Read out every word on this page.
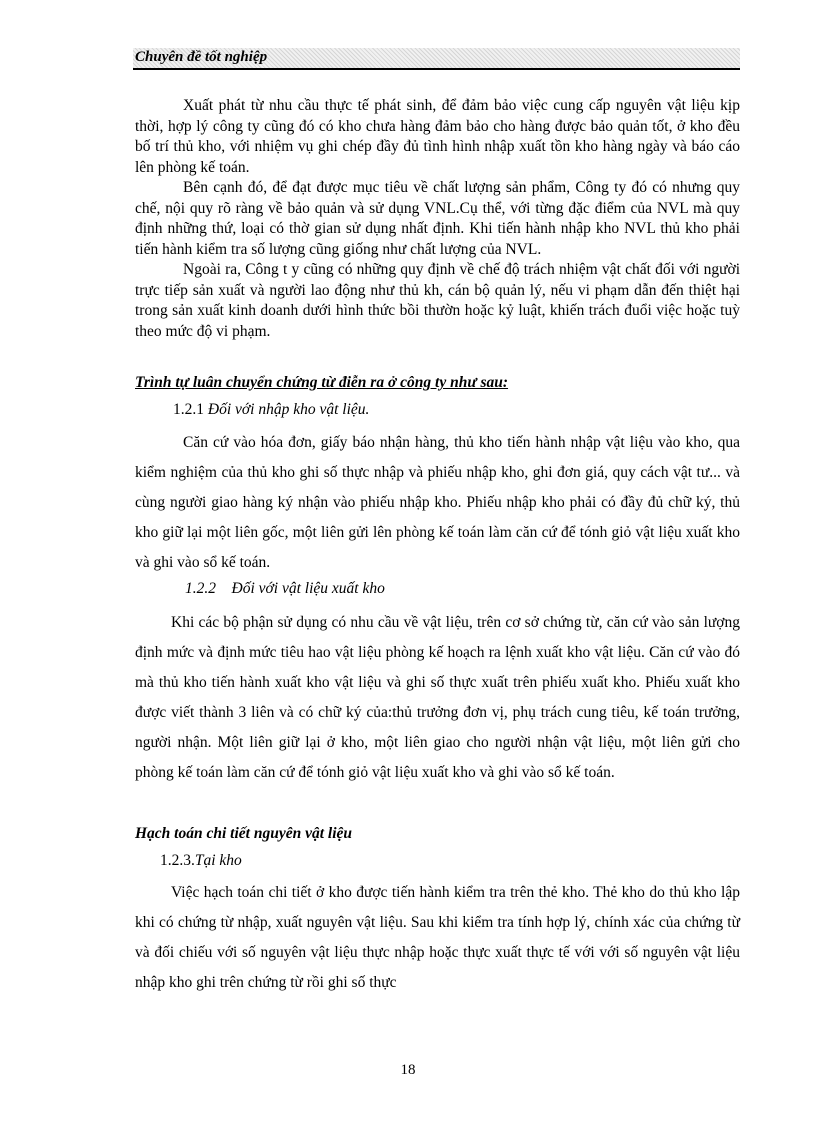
Chuyên đề tốt nghiệp

Xuất phát từ nhu cầu thực tế phát sinh, để đảm bảo việc cung cấp nguyên vật liệu kịp thời, hợp lý công ty cũng đó có kho chưa hàng đảm bảo cho hàng được bảo quản tốt, ở kho đều bố trí thủ kho, với nhiệm vụ ghi chép đầy đủ tình hình nhập xuất tồn kho hàng ngày và báo cáo lên phòng kế toán.

Bên cạnh đó, để đạt được mục tiêu về chất lượng sản phẩm, Công ty đó có nhưng quy chế, nội quy rõ ràng về bảo quản và sử dụng VNL.Cụ thể, với từng đặc điểm của NVL mà quy định những thứ, loại có thờ gian sử dụng nhất định. Khi tiến hành nhập kho NVL thủ kho phải tiến hành kiểm tra số lượng cũng giống như chất lượng của NVL.

Ngoài ra, Công t y cũng có những quy định về chế độ trách nhiệm vật chất đối với người trực tiếp sản xuất và người lao động như thủ kh, cán bộ quản lý, nếu vi phạm dẫn đến thiệt hại trong sản xuất kinh doanh dưới hình thức bồi thườn hoặc kỷ luật, khiến trách đuổi việc hoặc tuỳ theo mức độ vi phạm.

Trình tự luân chuyển chứng từ điễn ra ở công ty như sau:
1.2.1 Đối với nhập kho vật liệu.

Căn cứ vào hóa đơn, giấy báo nhận hàng, thủ kho tiến hành nhập vật liệu vào kho, qua kiểm nghiệm của thủ kho ghi số thực nhập và phiếu nhập kho, ghi đơn giá, quy cách vật tư... và cùng người giao hàng ký nhận vào phiếu nhập kho. Phiếu nhập kho phải có đầy đủ chữ ký, thủ kho giữ lại một liên gốc, một liên gửi lên phòng kế toán làm căn cứ để tónh giỏ vật liệu xuất kho và ghi vào sổ kế toán.

1.2.2 Đối với vật liệu xuất kho

Khi các bộ phận sử dụng có nhu cầu về vật liệu, trên cơ sở chứng từ, căn cứ vào sản lượng định mức và định mức tiêu hao vật liệu phòng kế hoạch ra lệnh xuất kho vật liệu. Căn cứ vào đó mà thủ kho tiến hành xuất kho vật liệu và ghi số thực xuất trên phiếu xuất kho. Phiếu xuất kho được viết thành 3 liên và có chữ ký của:thủ trưởng đơn vị, phụ trách cung tiêu, kế toán trưởng, người nhận. Một liên giữ lại ở kho, một liên giao cho người nhận vật liệu, một liên gửi cho phòng kế toán làm căn cứ để tónh giỏ vật liệu xuất kho và ghi vào sổ kế toán.

Hạch toán chi tiết nguyên vật liệu
1.2.3.Tại kho

Việc hạch toán chi tiết ở kho được tiến hành kiểm tra trên thẻ kho. Thẻ kho do thủ kho lập khi có chứng từ nhập, xuất nguyên vật liệu. Sau khi kiểm tra tính hợp lý, chính xác của chứng từ và đối chiếu với số nguyên vật liệu thực nhập hoặc thực xuất thực tế với với số nguyên vật liệu nhập kho ghi trên chứng từ rồi ghi số thực

18
